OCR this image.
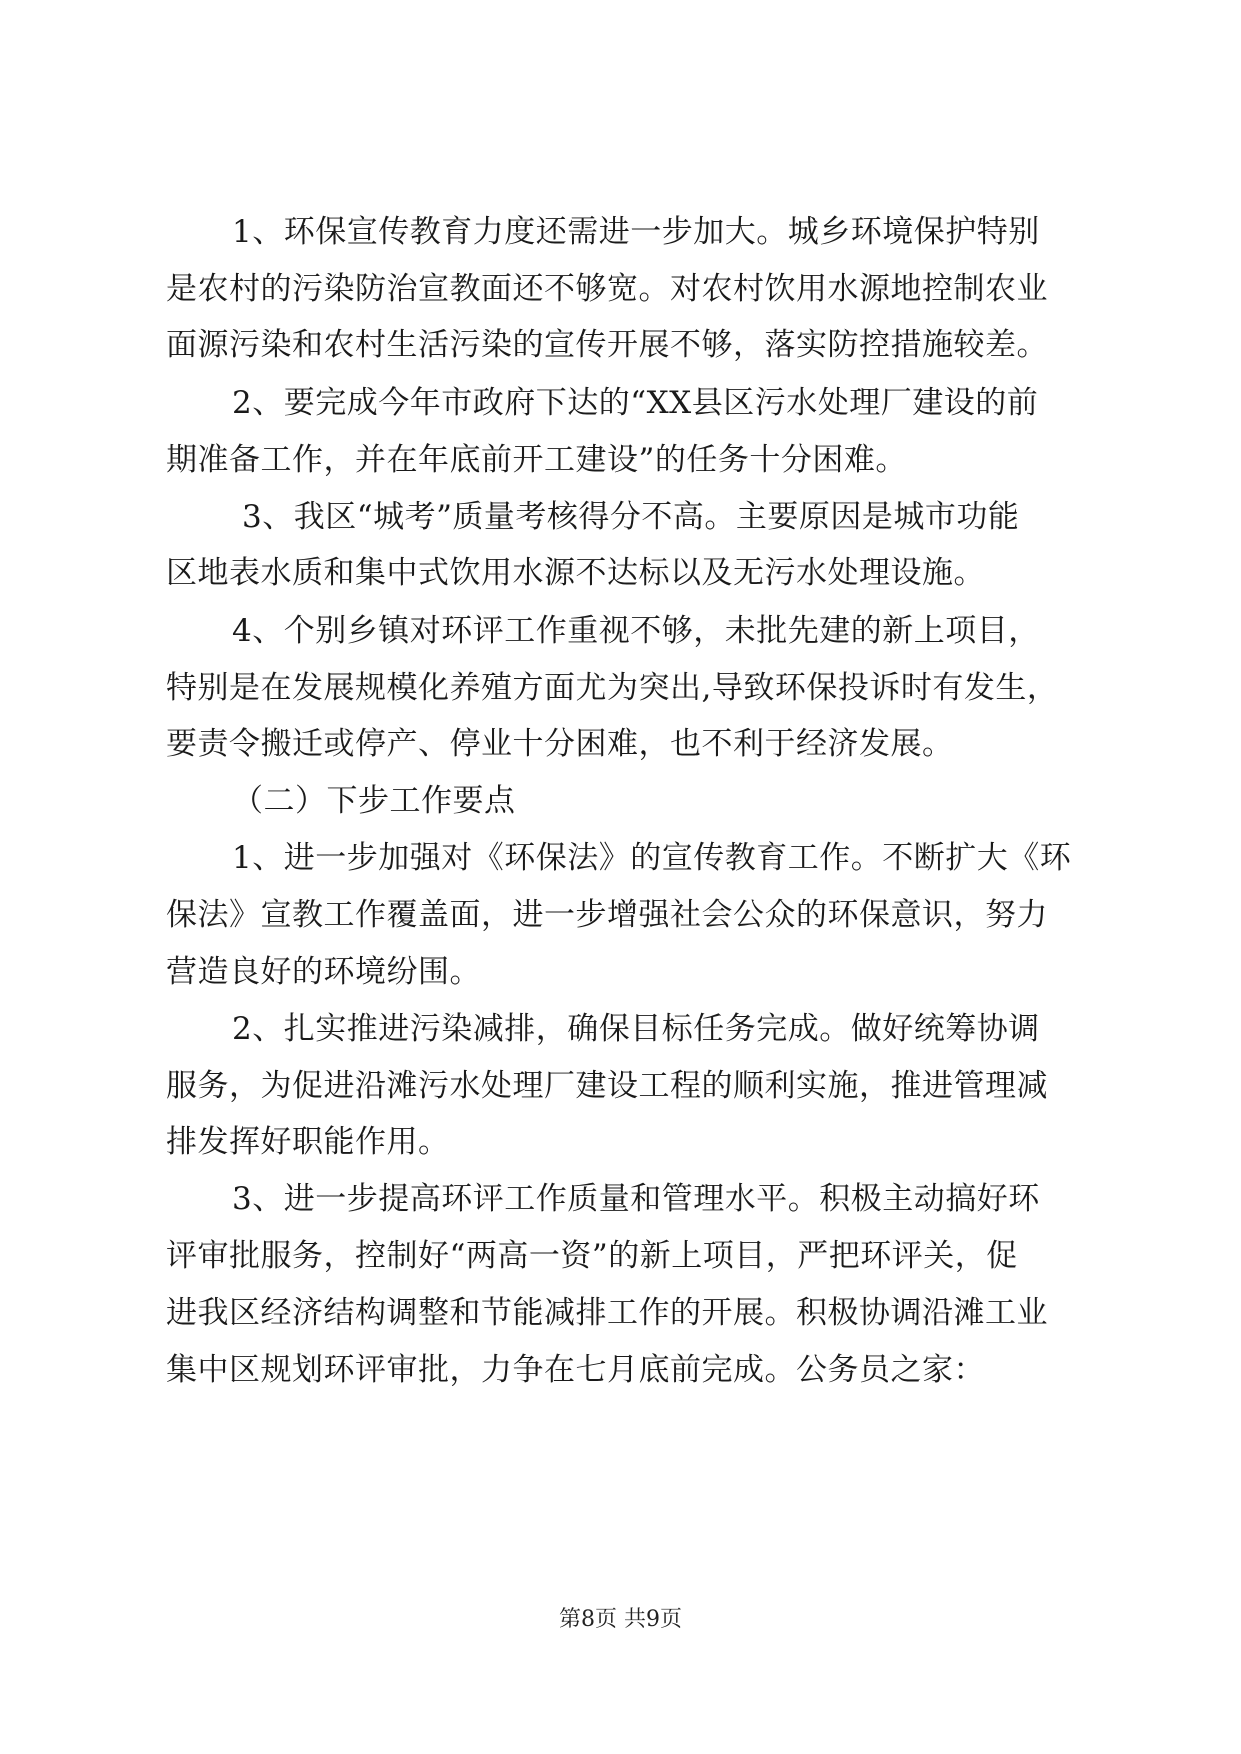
1、环保宣传教育力度还需进一步加大。城乡环境保护特别
是农村的污染防治宣教面还不够宽。对农村饮用水源地控制农业
面源污染和农村生活污染的宣传开展不够，落实防控措施较差。
2、要完成今年市政府下达的“XX县区污水处理厂建设的前
期准备工作，并在年底前开工建设”的任务十分困难。
3、我区“城考”质量考核得分不高。主要原因是城市功能
区地表水质和集中式饮用水源不达标以及无污水处理设施。
4、个别乡镇对环评工作重视不够，未批先建的新上项目，
特别是在发展规模化养殖方面尤为突出,导致环保投诉时有发生，
要责令搬迁或停产、停业十分困难，也不利于经济发展。
（二）下步工作要点
1、进一步加强对《环保法》的宣传教育工作。不断扩大《环
保法》宣教工作覆盖面，进一步增强社会公众的环保意识，努力
营造良好的环境纷围。
2、扎实推进污染减排，确保目标任务完成。做好统筹协调
服务，为促进沿滩污水处理厂建设工程的顺利实施，推进管理减
排发挥好职能作用。
3、进一步提高环评工作质量和管理水平。积极主动搞好环
评审批服务，控制好“两高一资”的新上项目，严把环评关，促
进我区经济结构调整和节能减排工作的开展。积极协调沿滩工业
集中区规划环评审批，力争在七月底前完成。公务员之家：
第8页 共9页
